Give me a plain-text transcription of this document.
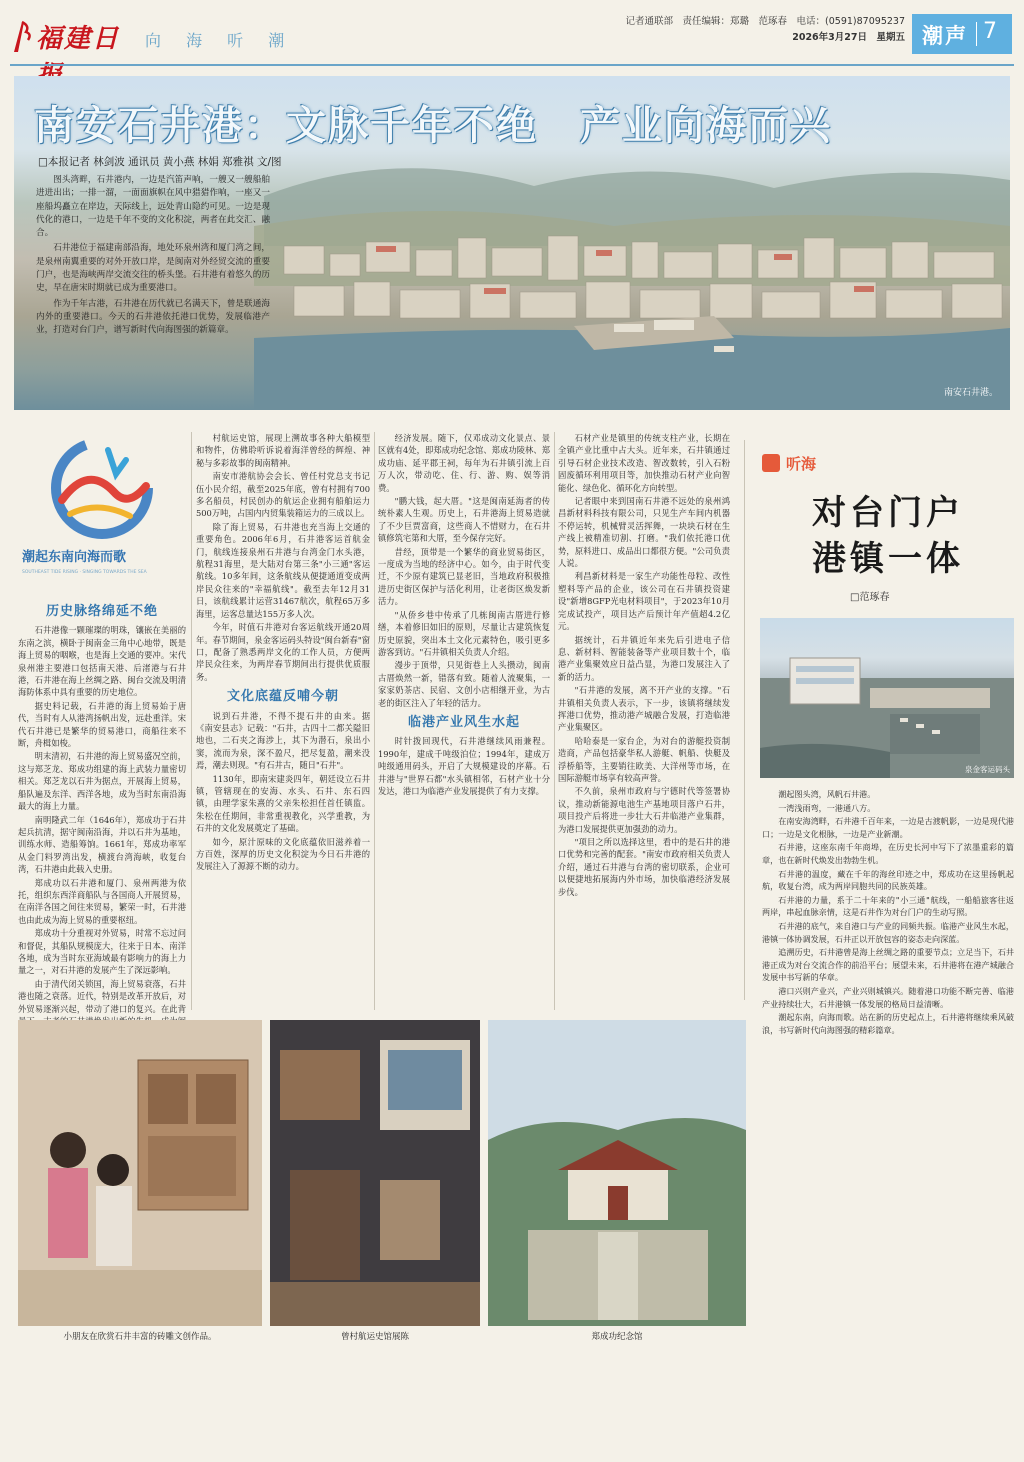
福建日	向 海 听 潮
记者通联部　责任编辑：郑璐　范琢春　电话：(0591)87095237
2026年3月27日　星期五 潮声 7
南安石井港：文脉千年不绝　产业向海而兴
□本报记者 林剑波 通讯员 黄小燕 林娟 郑雅祺 文/图

图头湾畔，石井港内，一边是汽笛声响，一艘又一艘船舶进进出出；一排一溜，一面面旗帜在风中猎猎作响，一座又一座船坞矗立在岸边，天际线上，远处青山隐约可见。一边是现代化的港口，一边是千年不变的文化积淀，两者在此交汇、融合。

石井港位于福建南部沿海，地处环泉州湾和厦门湾之间，是泉州南翼重要的对外开放口岸，是闽南对外经贸交流的重要门户，也是海峡两岸交流交往的桥头堡。石井港有着悠久的历史，早在唐宋时期就已成为重要港口。

作为千年古港，石井港在历代就已名满天下，曾是联通海内外的重要港口。今天的石井港依托港口优势，发展临港产业，打造对台门户，谱写新时代向海图强的新篇章。

南安石井港。
潮起东南向海而歌
SOUTHEAST TIDE RISING · SINGING TOWARDS THE SEA
历史脉络绵延不绝

石井港像一颗璀璨的明珠，镶嵌在美丽的东南之滨，横卧于闽南金三角中心地带，既是海上贸易的咽喉，也是海上交通的要冲。宋代泉州港主要港口包括南天港、后渚港与石井港，石井港在海上丝绸之路、闽台交流及明清海防体系中具有重要的历史地位。

据史料记载，石井港的海上贸易始于唐代，当时有人从港湾扬帆出发，远赴重洋。宋代石井港已是繁华的贸易港口，商船往来不断，舟楫如梭。

明末清初，石井港的海上贸易盛况空前，这与郑芝龙、郑成功组建的海上武装力量密切相关。郑芝龙以石井为据点，开展海上贸易，船队遍及东洋、西洋各地，成为当时东南沿海最大的海上力量。

南明隆武二年（1646年），郑成功于石井起兵抗清，据守闽南沿海，并以石井为基地，训练水师、造船筹饷。1661年，郑成功率军从金门料罗湾出发，横渡台湾海峡，收复台湾，石井港由此载入史册。

郑成功以石井港和厦门、泉州两港为依托，组织东西洋商船队与各国商人开展贸易，在南洋各国之间往来贸易，繁荣一时，石井港也由此成为海上贸易的重要枢纽。

郑成功十分重视对外贸易，时常不忘过问和督促，其船队规模庞大，往来于日本、南洋各地，成为当时东亚海域最有影响力的海上力量之一，对石井港的发展产生了深远影响。

由于清代闭关锁国，海上贸易衰落，石井港也随之衰落。近代，特别是改革开放后，对外贸易逐渐兴起，带动了港口的复兴。在此背

村航运史馆，展现上溯故事各种大船模型和物件，仿佛聆听诉说着海洋曾经的辉煌、神秘与多彩故事的闽南精神。

南安市港航协会会长、曾任村党总支书记伍小民介绍，截至2025年底，曾有村拥有700多名船员，村民创办的航运企业拥有船舶运力500万吨，占国内内贸集装箱运力的三成以上。

除了海上贸易，石井港也充当海上交通的重要角色。2006年6月，石井港客运首航金门，航线连接泉州石井港与台湾金门水头港，航程31海里，是大陆对台第三条"小三通"客运航线。10多年间，这条航线从便捷通道变成两岸民众往来的"幸福航线"。截至去年12月31日，该航线累计运营31467航次，航程65万多海里，运客总量达155万多人次。

今年，时值石井港对台客运航线开通20周年。春节期间，泉金客运码头特设"闽台新春"窗口，配备了熟悉两岸文化的工作人员，方便两岸民众往来，为两岸春节期间出行提供优质服务。

文化底蕴反哺今朝

说到石井港，不得不提石井的由来。据《南安县志》记载："石井，古四十二都关隘旧地也，二石夹之海涉上，其下为潜石，泉出小窦，流而为泉，深不盈尺，把尽复盈，潮来没焉，潮去则现。"有石井古，随日"石井"。

1130年，即南宋建炎四年，朝廷设立石井镇，管辖现在的安海、水头、石井、东石四镇，由理学家朱熹的父亲朱松担任首任镇监。朱松在任期间，非常重视教化，兴学重教，为石井的文化发展奠定了基础。

如今，原汁原味的文化底蕴依旧滋养着一方百姓，深厚的历史文化积淀为今日石井港的发展注入了源源不断的动力。

经济发展。随下，仅邓成动文化景点、景区就有4处，即郑成功纪念馆、郑成功陵林、郑成功庙、延平郡王祠，每年为石井镇引流上百万人次，带动吃、住、行、游、购、娱等消费。

"鹏大钱，起大厝。"这是闽南延海者的传统朴素人生观。历史上，石井港海上贸易造就了不少巨贾富商，这些商人不惜财力，在石井镇修筑宅第和大厝，至今保存完好。

昔经，顶带是一个繁华的商业贸易街区，一度成为当地的经济中心。如今，由于时代变迁，不少原有建筑已显老旧，当地政府积极推进历史街区保护与活化利用，让老街区焕发新活力。

"从侨乡巷中传承了几栋闽南古厝进行修缮，本着修旧如旧的原则，尽量让古建筑恢复历史原貌，突出本土文化元素特色，吸引更多游客到访。"石井镇相关负责人介绍。

漫步于顶带，只见街巷上人头攒动，闽南古厝焕然一新，错落有致。随着人流聚集，一家家奶茶店、民宿、文创小店相继开业，为古老的街区注入了年轻的活力。

临港产业风生水起

时针拨回现代，石井港继续风雨兼程。1990年，建成千吨级泊位；1994年，建成万吨级通用码头，开启了大规模建设的序幕。石井港与"世界石都"水头镇相邻，石材产业十分发达，港口为临港产业发展提供了有力支撑。

石材产业是镇里的传统支柱产业，长期在全镇产业比重中占大头。近年来，石井镇通过引导石材企业技术改造、智改数转，引入石粉固废循环利用项目等，加快推动石材产业向智能化、绿色化、循环化方向转型。

记者眼中来到国南石井港不远处的泉州鸿昌新材料科技有限公司，只见生产车间内机器不停运转，机械臂灵活挥舞，一块块石材在生产线上被精准切割、打磨。"我们依托港口优势，原料进口、成品出口都很方便。"公司负责人说。

利昌新材料是一家生产功能性母粒、改性塑料等产品的企业，该公司在石井镇投资建设"新增8GFP光电材料项目"，于2023年10月完成试投产，项目达产后预计年产值超4.2亿元。

据统计，石井镇近年来先后引进电子信息、新材料、智能装备等产业项目数十个，临港产业集聚效应日益凸显，为港口发展注入了新的活力。

"石井港的发展，离不开产业的支撑。"石井镇相关负责人表示，下一步，该镇将继续发挥港口优势，推动港产城融合发展，打造临港产业集聚区。

哈哈泰是一家台企，为对台的游艇投资制造商，产品包括豪华私人游艇、帆船、快艇及浮桥船等，主要销往欧美、大洋州等市场，在国际游艇市场享有较高声誉。

不久前，泉州市政府与宁德时代等签署协议，推动新能源电池生产基地项目落户石井，项目投产后将进一步壮大石井临港产业集群，为港口发展提供更加强劲的动力。

"项目之所以选择这里，看中的是石井的港口优势和完善的配套。"南安市政府相关负责人介绍，通过石井港与台湾的密切联系，企业可以便捷地拓展海内外市场，加快临港经济发展步伐。

听海
对台门户港镇一体
□范琢春
泉金客运码头

潮起图头湾，风帆石井港。

一湾浅雨弯，一港通八方。

在南安海湾畔，石井港千百年来，一边是古渡帆影，一边是现代港口；一边是文化根脉，一边是产业新潮。

石井港，这座东南千年商埠，在历史长河中写下了浓墨重彩的篇章，也在新时代焕发出勃勃生机。

石井港的温度，藏在千年的海丝印迹之中，郑成功在这里扬帆起航，收复台湾，成为两岸同胞共同的民族英雄。

石井港的力量，系于二十年来的"小三通"航线，一船船旅客往返两岸，串起血脉亲情，这是石井作为对台门户的生动写照。

石井港的底气，来自港口与产业的同频共振。临港产业风生水起，港镇一体协调发展，石井正以开放包容的姿态走向深蓝。

追溯历史，石井港曾是海上丝绸之路的重要节点；立足当下，石井港正成为对台交流合作的前沿平台；展望未来，石井港将在港产城融合发展中书写新的华章。

港口兴则产业兴，产业兴则城镇兴。随着港口功能不断完善、临港产业持续壮大，石井港镇一体发展的格局日益清晰。

潮起东南，向海而歌。站在新的历史起点上，石井港将继续乘风破浪，书写新时代向海图强的精彩篇章。

小朋友在欣赏石井丰富的砖雕文创作品。	曾村航运史馆展陈	郑成功纪念馆
